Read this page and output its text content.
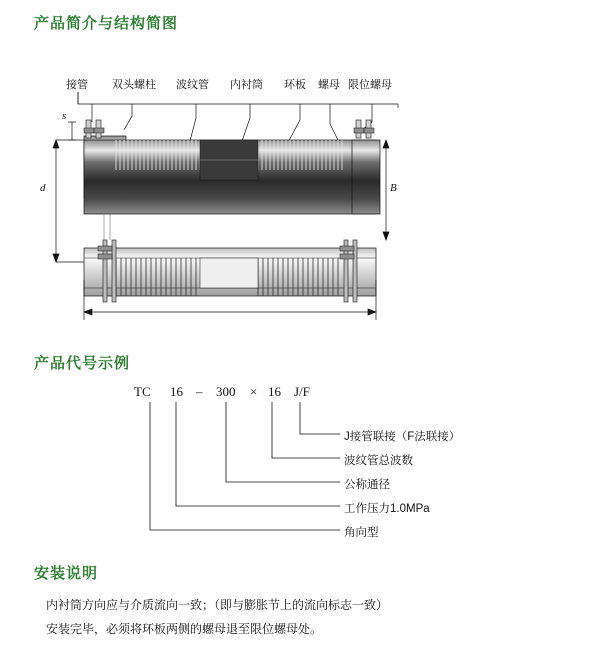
产品简介与结构简图
产品代号示例
安装说明
接管 双头螺柱 波纹管 内衬筒 环板 螺母 限位螺母
s
d	B
TC 16 – 300 × 16 J/F
J接管联接（F法联接）
波纹管总波数
公称通径
工作压力1.0MPa
角向型

内衬筒方向应与介质流向一致；（即与膨胀节上的流向标志一致）

安装完毕，必须将环板两侧的螺母退至限位螺母处。
